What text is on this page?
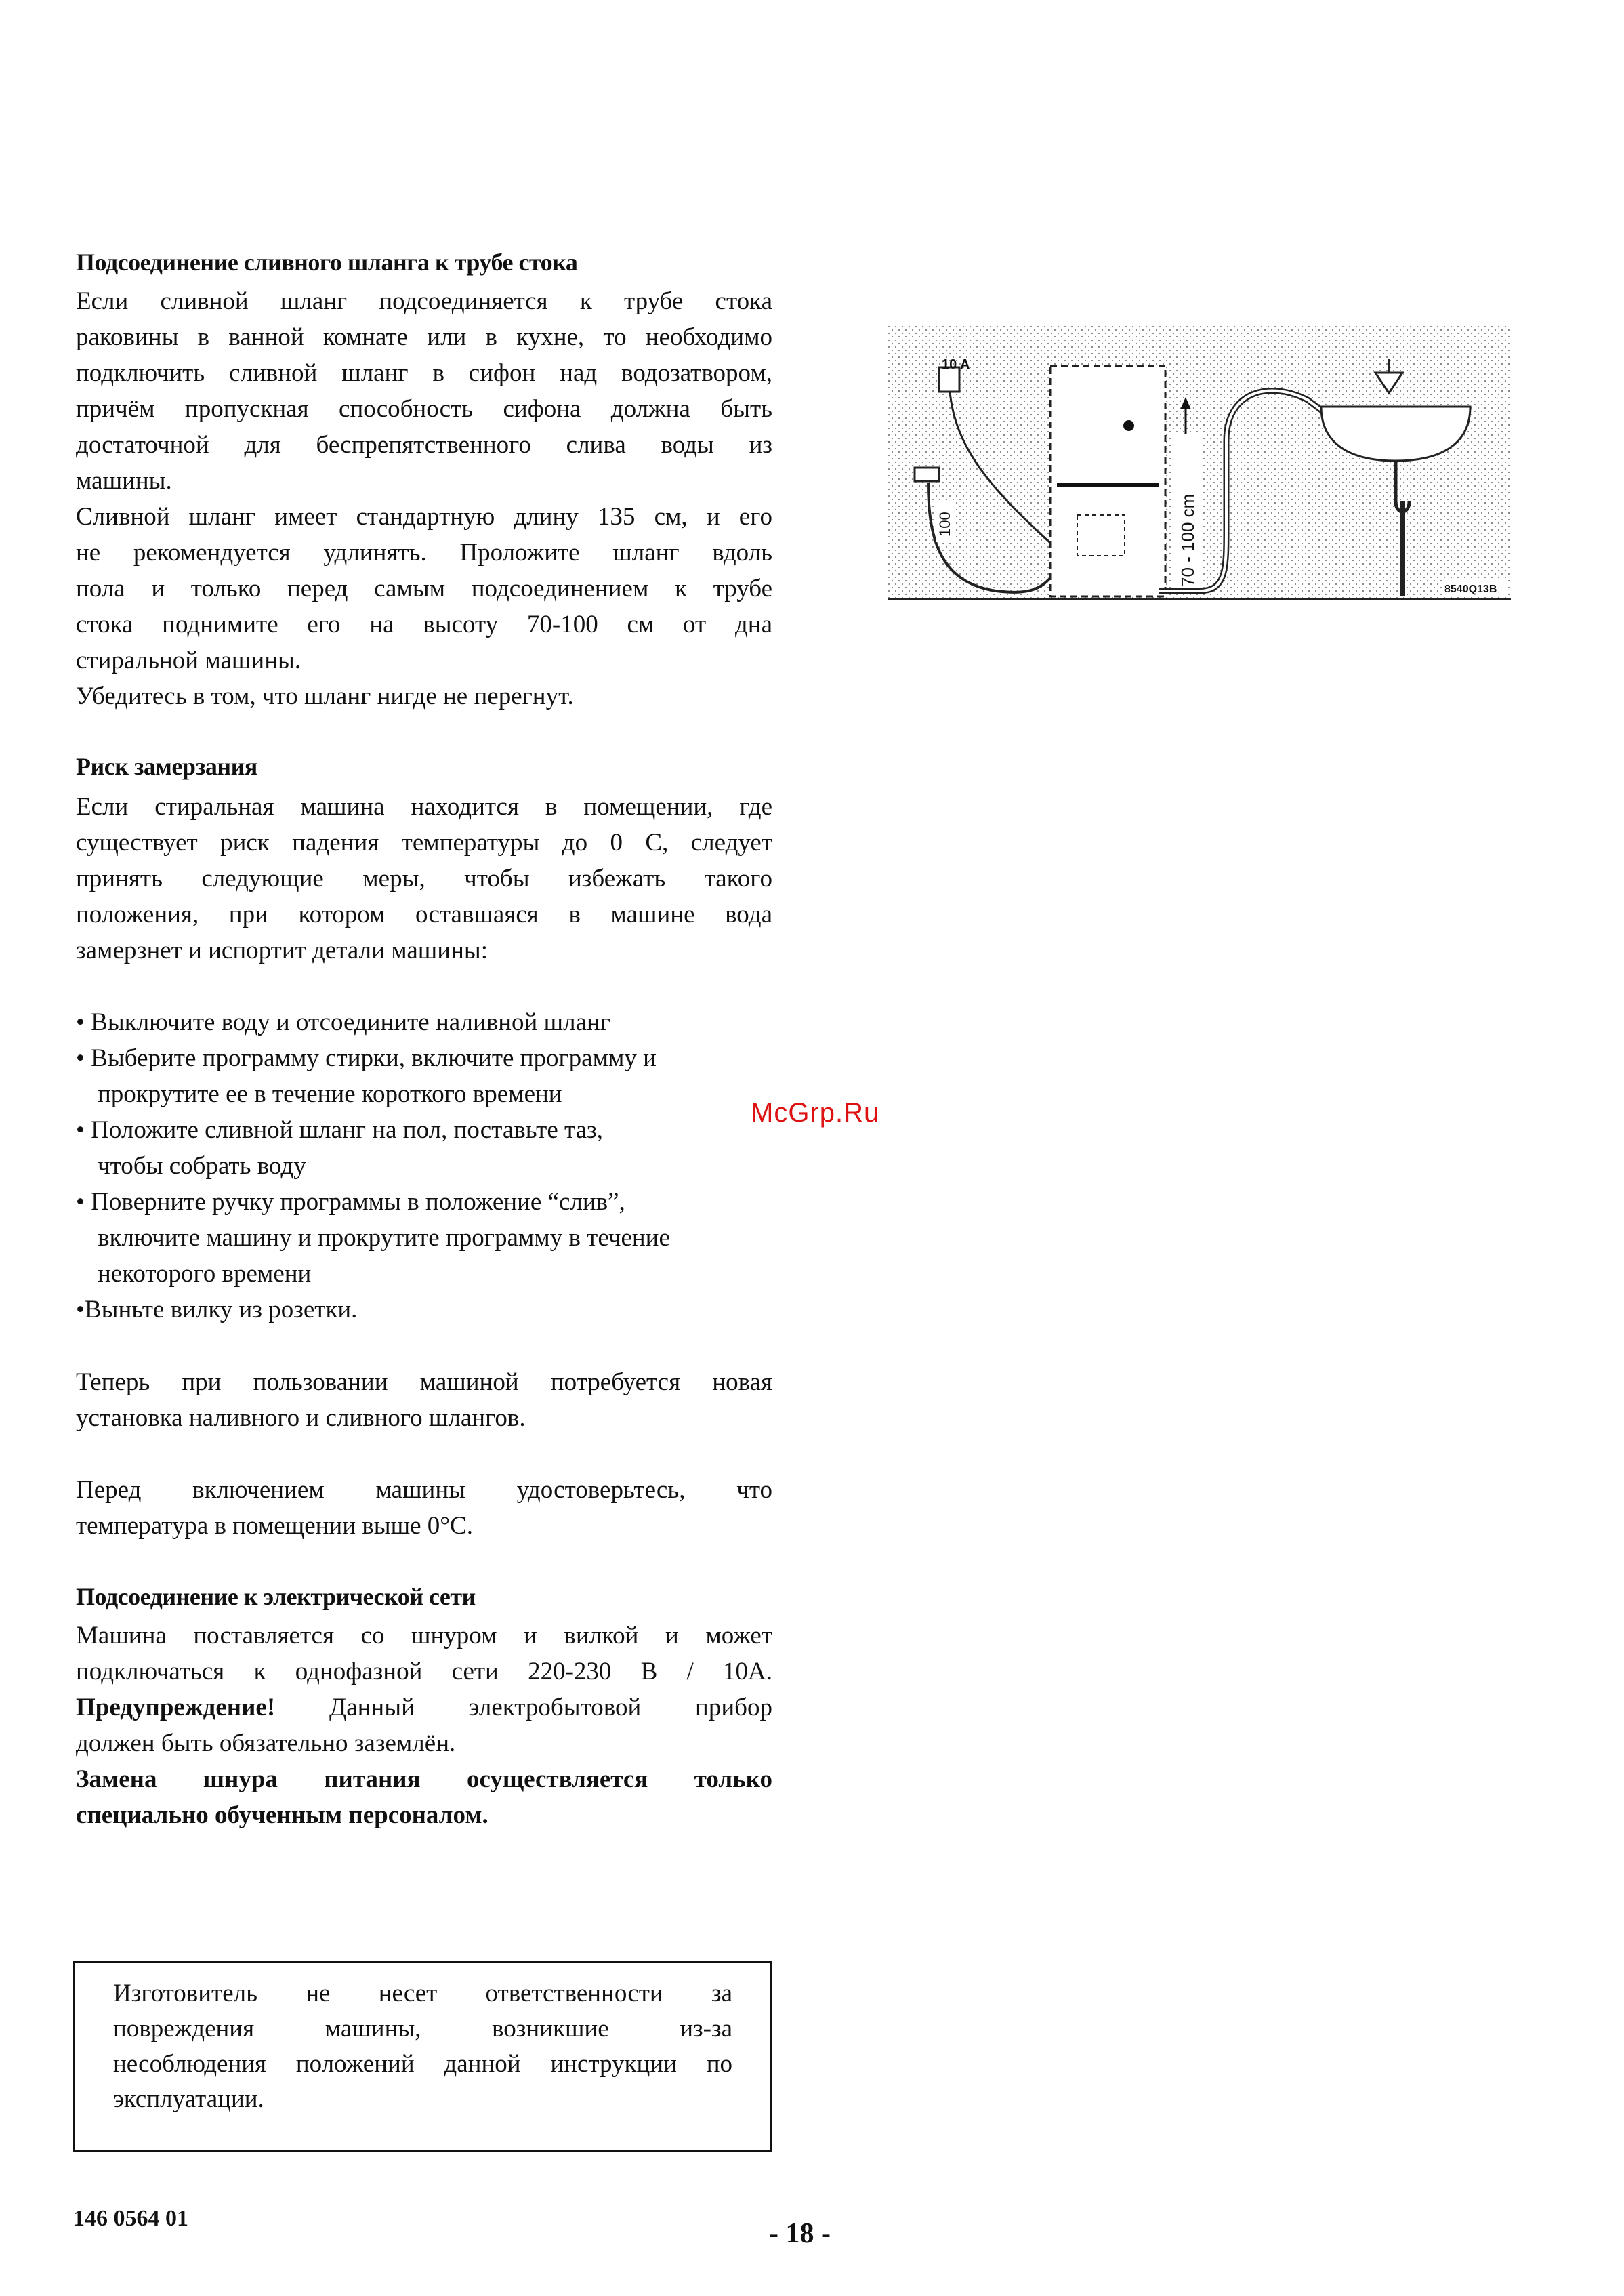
Подсоединение сливного шланга к трубе стока
Если сливной шланг подсоединяется к трубе стока
раковины в ванной комнате или в кухне, то необходимо
подключить сливной шланг в сифон над водозатвором,
причём пропускная способность сифона должна быть
достаточной для беспрепятственного слива воды из
машины.
Сливной шланг имеет стандартную длину 135 см, и его
не рекомендуется удлинять. Проложите шланг вдоль
пола и только перед самым подсоединением к трубе
стока поднимите его на высоту 70-100 см от дна
стиральной машины.
Убедитесь в том, что шланг нигде не перегнут.
Риск замерзания
Если стиральная машина находится в помещении, где
существует риск падения температуры до 0 С, следует
принять следующие меры, чтобы избежать такого
положения, при котором оставшаяся в машине вода
замерзнет и испортит детали машины:
• Выключите воду и отсоедините наливной шланг
• Выберите программу стирки, включите программу и
прокрутите ее в течение короткого времени
• Положите сливной шланг на пол, поставьте таз,
чтобы собрать воду
• Поверните ручку программы в положение “слив”,
включите машину и прокрутите программу в течение
некоторого времени
•Выньте вилку из розетки.
Теперь при пользовании машиной потребуется новая
установка наливного и сливного шлангов.
Перед включением машины удостоверьтесь, что
температура в помещении выше 0°С.
Подсоединение к электрической сети
Машина поставляется со шнуром и вилкой и может
подключаться к однофазной сети 220-230 В / 10А.
Предупреждение! Данный электробытовой прибор
должен быть обязательно заземлён.
Замена шнура питания осуществляется только
специально обученным персоналом.
Изготовитель не несет ответственности за
повреждения машины, возникшие из-за
несоблюдения положений данной инструкции по
эксплуатации.
10 A
100	70 - 100 cm
8540Q13B
McGrp.Ru
146 0564 01	- 18 -
